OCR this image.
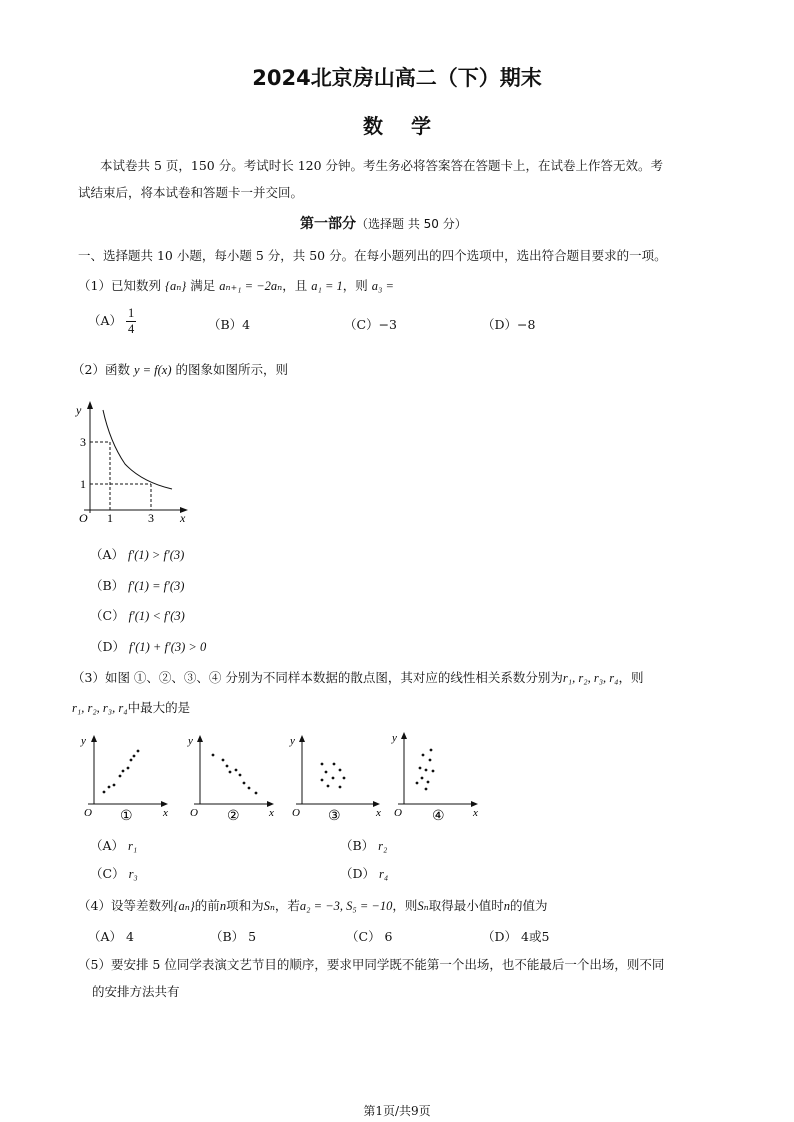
2024北京房山高二（下）期末
数学
本试卷共 5 页，150 分。考试时长 120 分钟。考生务必将答案答在答题卡上，在试卷上作答无效。考
试结束后，将本试卷和答题卡一并交回。
第一部分（选择题 共 50 分）
一、选择题共 10 小题，每小题 5 分，共 50 分。在每小题列出的四个选项中，选出符合题目要求的一项。
（1）已知数列 {aₙ} 满足 aₙ₊₁ = −2aₙ，且 a₁ = 1，则 a₃ =
$(A) \frac{1}{4}$	（B）4	（C）−3	（D）−8
（2）函数 y = f(x) 的图象如图所示，则
y
x
O 1	3
1
3
（A） f′(1) > f′(3)
（B） f′(1) = f′(3)
（C） f′(1) < f′(3)
（D） f′(1) + f′(3) > 0
（3）如图 ①、②、③、④ 分别为不同样本数据的散点图，其对应的线性相关系数分别为r₁, r₂, r₃, r₄，则
r₁, r₂, r₃, r₄中最大的是
y
x
O ①
y
x
O ②
y
x
O ③
y
x
O ④
（A） r₁	（B） r₂
（C） r₃	（D） r₄
（4）设等差数列{aₙ}的前n项和为Sₙ，若a₂ = −3, S₅ = −10，则Sₙ取得最小值时n的值为
（A） 4	（B） 5	（C） 6	（D） 4或5
（5）要安排 5 位同学表演文艺节目的顺序，要求甲同学既不能第一个出场，也不能最后一个出场，则不同
的安排方法共有
第1页/共9页
